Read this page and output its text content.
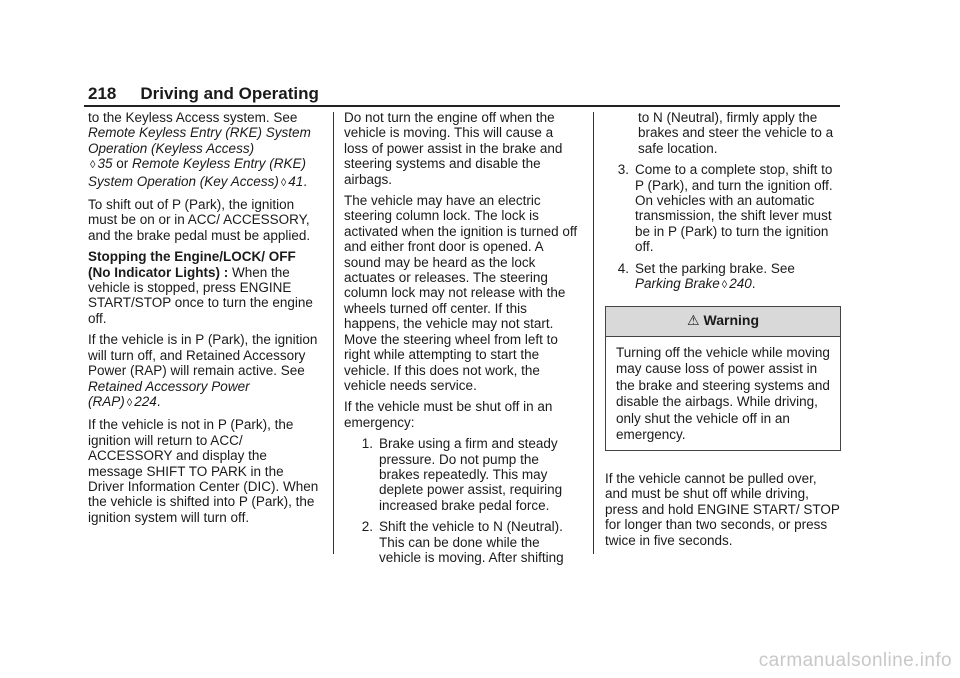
218 Driving and Operating

to the Keyless Access system. See Remote Keyless Entry (RKE) System Operation (Keyless Access)
◊ 35 or Remote Keyless Entry (RKE) System Operation (Key Access) ◊ 41.

To shift out of P (Park), the ignition must be on or in ACC/ ACCESSORY, and the brake pedal must be applied.

Stopping the Engine/LOCK/ OFF (No Indicator Lights) : When the vehicle is stopped, press ENGINE START/STOP once to turn the engine off.

If the vehicle is in P (Park), the ignition will turn off, and Retained Accessory Power (RAP) will remain active. See Retained Accessory Power (RAP) ◊ 224.

If the vehicle is not in P (Park), the ignition will return to ACC/ ACCESSORY and display the message SHIFT TO PARK in the Driver Information Center (DIC). When the vehicle is shifted into P (Park), the ignition system will turn off.

Do not turn the engine off when the vehicle is moving. This will cause a loss of power assist in the brake and steering systems and disable the airbags.

The vehicle may have an electric steering column lock. The lock is activated when the ignition is turned off and either front door is opened. A sound may be heard as the lock actuates or releases. The steering column lock may not release with the wheels turned off center. If this happens, the vehicle may not start. Move the steering wheel from left to right while attempting to start the vehicle. If this does not work, the vehicle needs service.

If the vehicle must be shut off in an emergency:

1. Brake using a firm and steady pressure. Do not pump the brakes repeatedly. This may deplete power assist, requiring increased brake pedal force.
2. Shift the vehicle to N (Neutral). This can be done while the vehicle is moving. After shifting

to N (Neutral), firmly apply the brakes and steer the vehicle to a safe location.

3. Come to a complete stop, shift to P (Park), and turn the ignition off. On vehicles with an automatic transmission, the shift lever must be in P (Park) to turn the ignition off.
4. Set the parking brake. See
Parking Brake ◊ 240.
⚠ Warning
Turning off the vehicle while moving may cause loss of power assist in the brake and steering systems and disable the airbags. While driving, only shut the vehicle off in an emergency.

If the vehicle cannot be pulled over, and must be shut off while driving, press and hold ENGINE START/ STOP for longer than two seconds, or press twice in five seconds.

carmanualsonline.info
